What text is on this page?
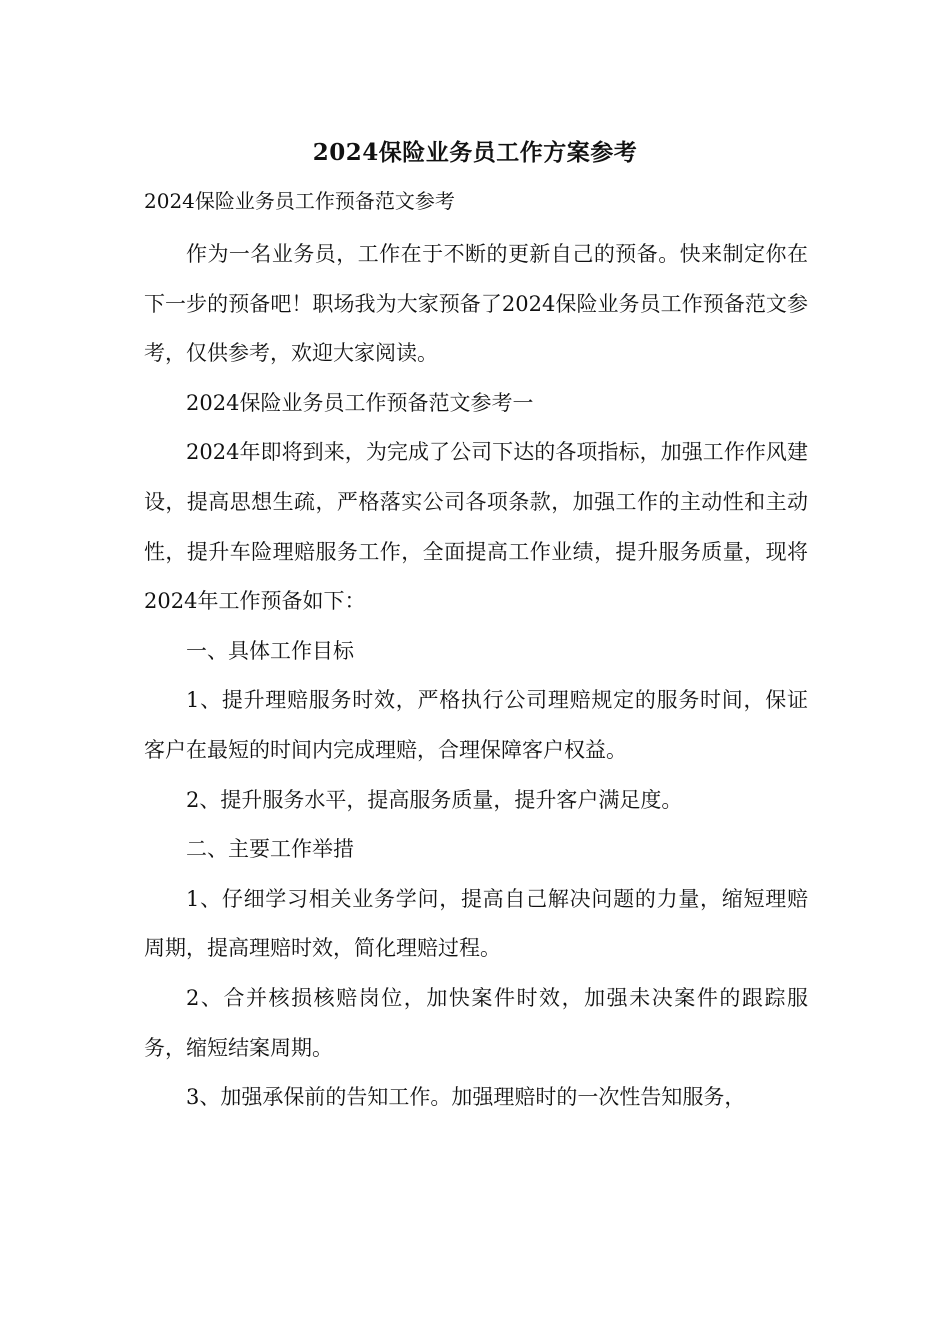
2024保险业务员工作方案参考
2024保险业务员工作预备范文参考

作为一名业务员，工作在于不断的更新自己的预备。快来制定你在下一步的预备吧！职场我为大家预备了2024保险业务员工作预备范文参考，仅供参考，欢迎大家阅读。

2024保险业务员工作预备范文参考一

2024年即将到来，为完成了公司下达的各项指标，加强工作作风建设，提高思想生疏，严格落实公司各项条款，加强工作的主动性和主动性，提升车险理赔服务工作，全面提高工作业绩，提升服务质量，现将2024年工作预备如下：

一、具体工作目标

1、提升理赔服务时效，严格执行公司理赔规定的服务时间，保证客户在最短的时间内完成理赔，合理保障客户权益。

2、提升服务水平，提高服务质量，提升客户满足度。

二、主要工作举措

1、仔细学习相关业务学问，提高自己解决问题的力量，缩短理赔周期，提高理赔时效，简化理赔过程。

2、合并核损核赔岗位，加快案件时效，加强未决案件的跟踪服务，缩短结案周期。

3、加强承保前的告知工作。加强理赔时的一次性告知服务，
